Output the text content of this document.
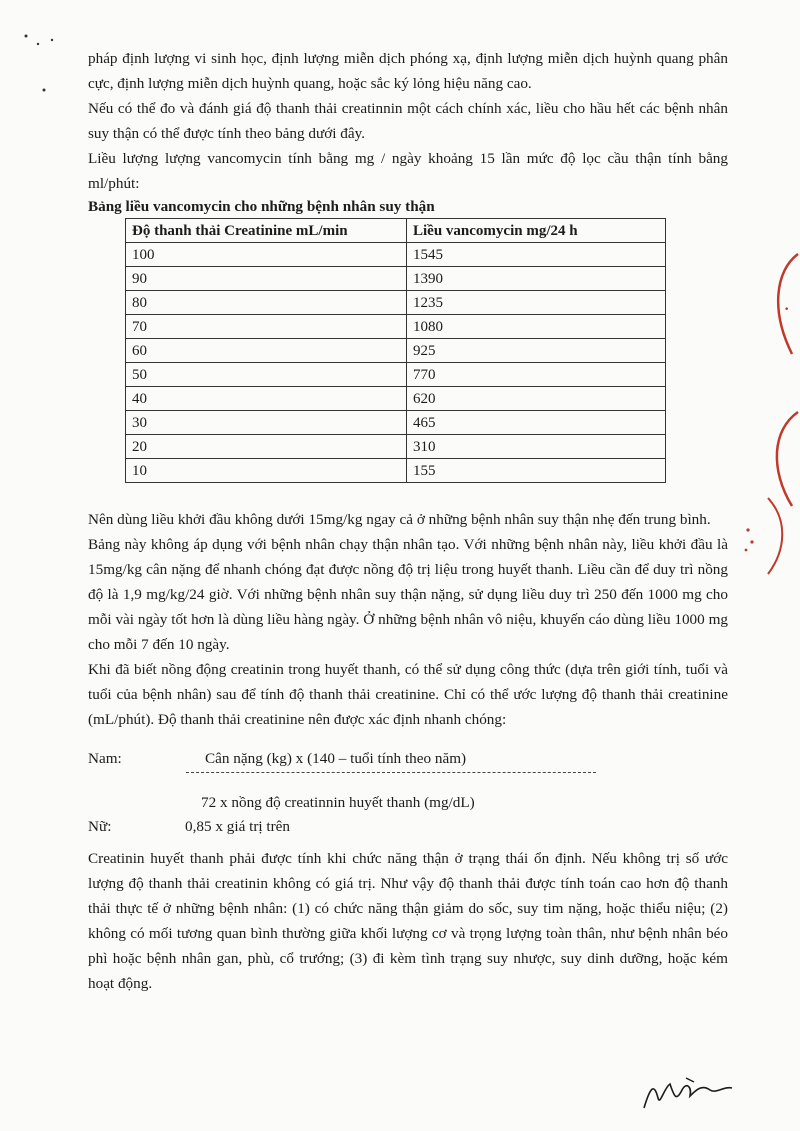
•

pháp định lượng vi sinh học, định lượng miễn dịch phóng xạ, định lượng miễn dịch huỳnh quang phân cực, định lượng miễn dịch huỳnh quang, hoặc sắc ký lỏng hiệu năng cao.

Nếu có thể đo và đánh giá độ thanh thải creatinnin một cách chính xác, liều cho hầu hết các bệnh nhân suy thận có thể được tính theo bảng dưới đây.

Liều lượng lượng vancomycin tính bằng mg / ngày khoảng 15 lần mức độ lọc cầu thận tính bằng ml/phút:

Bảng liều vancomycin cho những bệnh nhân suy thận

Độ thanh thải Creatinine mL/min	Liều vancomycin mg/24 h
100	1545
90	1390
80	1235
70	1080
60	925
50	770
40	620
30	465
20	310
10	155

Nên dùng liều khởi đầu không dưới 15mg/kg ngay cả ở những bệnh nhân suy thận nhẹ đến trung bình.

Bảng này không áp dụng với bệnh nhân chạy thận nhân tạo. Với những bệnh nhân này, liều khởi đầu là 15mg/kg cân nặng để nhanh chóng đạt được nồng độ trị liệu trong huyết thanh. Liều cần để duy trì nồng độ là 1,9 mg/kg/24 giờ. Với những bệnh nhân suy thận nặng, sử dụng liều duy trì 250 đến 1000 mg cho mỗi vài ngày tốt hơn là dùng liều hàng ngày. Ở những bệnh nhân vô niệu, khuyến cáo dùng liều 1000 mg cho mỗi 7 đến 10 ngày.

Khi đã biết nồng động creatinin trong huyết thanh, có thể sử dụng công thức (dựa trên giới tính, tuổi và tuổi của bệnh nhân) sau để tính độ thanh thải creatinine. Chỉ có thể ước lượng độ thanh thải creatinine (mL/phút). Độ thanh thải creatinine nên được xác định nhanh chóng:

Nam:	Cân nặng (kg) x (140 – tuổi tính theo năm)
72 x nồng độ creatinnin huyết thanh (mg/dL)
Nữ:	0,85 x giá trị trên

Creatinin huyết thanh phải được tính khi chức năng thận ở trạng thái ổn định. Nếu không trị số ước lượng độ thanh thải creatinin không có giá trị. Như vậy độ thanh thải được tính toán cao hơn độ thanh thải thực tế ở những bệnh nhân: (1) có chức năng thận giảm do sốc, suy tim nặng, hoặc thiểu niệu; (2) không có mối tương quan bình thường giữa khối lượng cơ và trọng lượng toàn thân, như bệnh nhân béo phì hoặc bệnh nhân gan, phù, cổ trướng; (3) đi kèm tình trạng suy nhược, suy dinh dưỡng, hoặc kém hoạt động.
